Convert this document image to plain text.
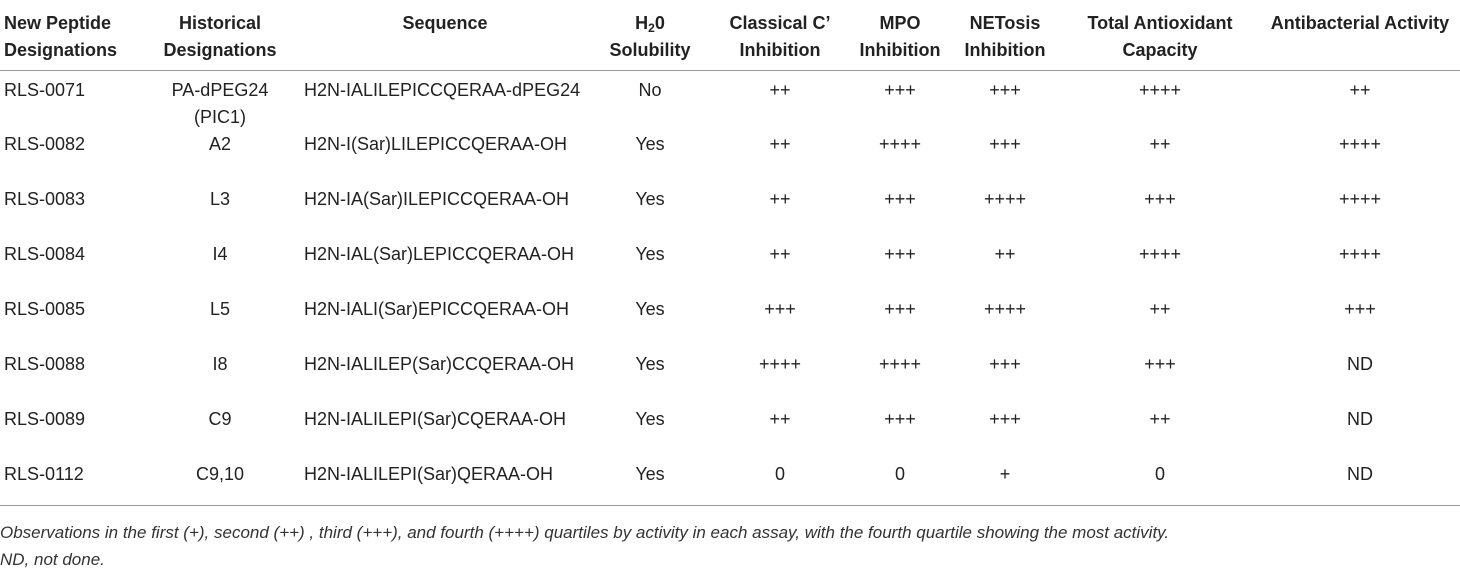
New Peptide Designations	Historical Designations	Sequence	$H_20$ Solubility	Classical C’ Inhibition	MPO Inhibition	NETosis Inhibition	Total Antioxidant Capacity	Antibacterial Activity
RLS-0071	PA-dPEG24 (PIC1)	H2N-IALILEPICCQERAA-dPEG24	No	++	+++	+++	++++	++
RLS-0082	A2	H2N-I(Sar)LILEPICCQERAA-OH	Yes	++	++++	+++	++	++++
RLS-0083	L3	H2N-IA(Sar)ILEPICCQERAA-OH	Yes	++	+++	++++	+++	++++
RLS-0084	I4	H2N-IAL(Sar)LEPICCQERAA-OH	Yes	++	+++	++	++++	++++
RLS-0085	L5	H2N-IALI(Sar)EPICCQERAA-OH	Yes	+++	+++	++++	++	+++
RLS-0088	I8	H2N-IALILEP(Sar)CCQERAA-OH	Yes	++++	++++	+++	+++	ND
RLS-0089	C9	H2N-IALILEPI(Sar)CQERAA-OH	Yes	++	+++	+++	++	ND
RLS-0112	C9,10	H2N-IALILEPI(Sar)QERAA-OH	Yes	0	0	+	0	ND

Observations in the first (+), second (++) , third (+++), and fourth (++++) quartiles by activity in each assay, with the fourth quartile showing the most activity.

ND, not done.
